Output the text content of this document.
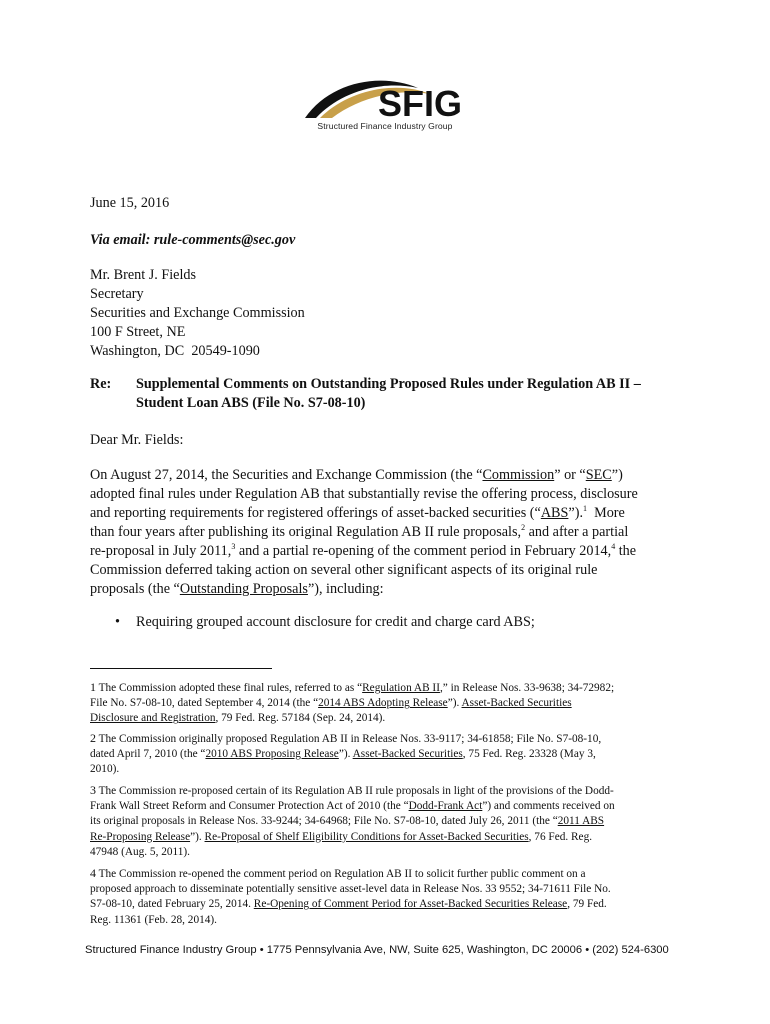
SFIG
Structured Finance Industry Group
June 15, 2016
Via email: rule-comments@sec.gov
Mr. Brent J. Fields
Secretary
Securities and Exchange Commission
100 F Street, NE
Washington, DC  20549-1090
Re: Supplemental Comments on Outstanding Proposed Rules under Regulation AB II –
Student Loan ABS (File No. S7-08-10)
Dear Mr. Fields:
On August 27, 2014, the Securities and Exchange Commission (the “Commission” or “SEC”)
adopted final rules under Regulation AB that substantially revise the offering process, disclosure
and reporting requirements for registered offerings of asset-backed securities (“ABS”).$^1$  More
than four years after publishing its original Regulation AB II rule proposals,$^2$ and after a partial
re-proposal in July 2011,$^3$ and a partial re-opening of the comment period in February 2014,$^4$ the
Commission deferred taking action on several other significant aspects of its original rule
proposals (the “Outstanding Proposals”), including:
• Requiring grouped account disclosure for credit and charge card ABS;
1 The Commission adopted these final rules, referred to as “Regulation AB II,” in Release Nos. 33-9638; 34-72982;
File No. S7-08-10, dated September 4, 2014 (the “2014 ABS Adopting Release”). Asset-Backed Securities
Disclosure and Registration, 79 Fed. Reg. 57184 (Sep. 24, 2014).
2 The Commission originally proposed Regulation AB II in Release Nos. 33-9117; 34-61858; File No. S7-08-10,
dated April 7, 2010 (the “2010 ABS Proposing Release”). Asset-Backed Securities, 75 Fed. Reg. 23328 (May 3,
2010).
3 The Commission re-proposed certain of its Regulation AB II rule proposals in light of the provisions of the Dodd-
Frank Wall Street Reform and Consumer Protection Act of 2010 (the “Dodd-Frank Act”) and comments received on
its original proposals in Release Nos. 33-9244; 34-64968; File No. S7-08-10, dated July 26, 2011 (the “2011 ABS
Re-Proposing Release”). Re-Proposal of Shelf Eligibility Conditions for Asset-Backed Securities, 76 Fed. Reg.
47948 (Aug. 5, 2011).
4 The Commission re-opened the comment period on Regulation AB II to solicit further public comment on a
proposed approach to disseminate potentially sensitive asset-level data in Release Nos. 33 9552; 34-71611 File No.
S7-08-10, dated February 25, 2014. Re-Opening of Comment Period for Asset-Backed Securities Release, 79 Fed.
Reg. 11361 (Feb. 28, 2014).
Structured Finance Industry Group • 1775 Pennsylvania Ave, NW, Suite 625, Washington, DC 20006 • (202) 524-6300
